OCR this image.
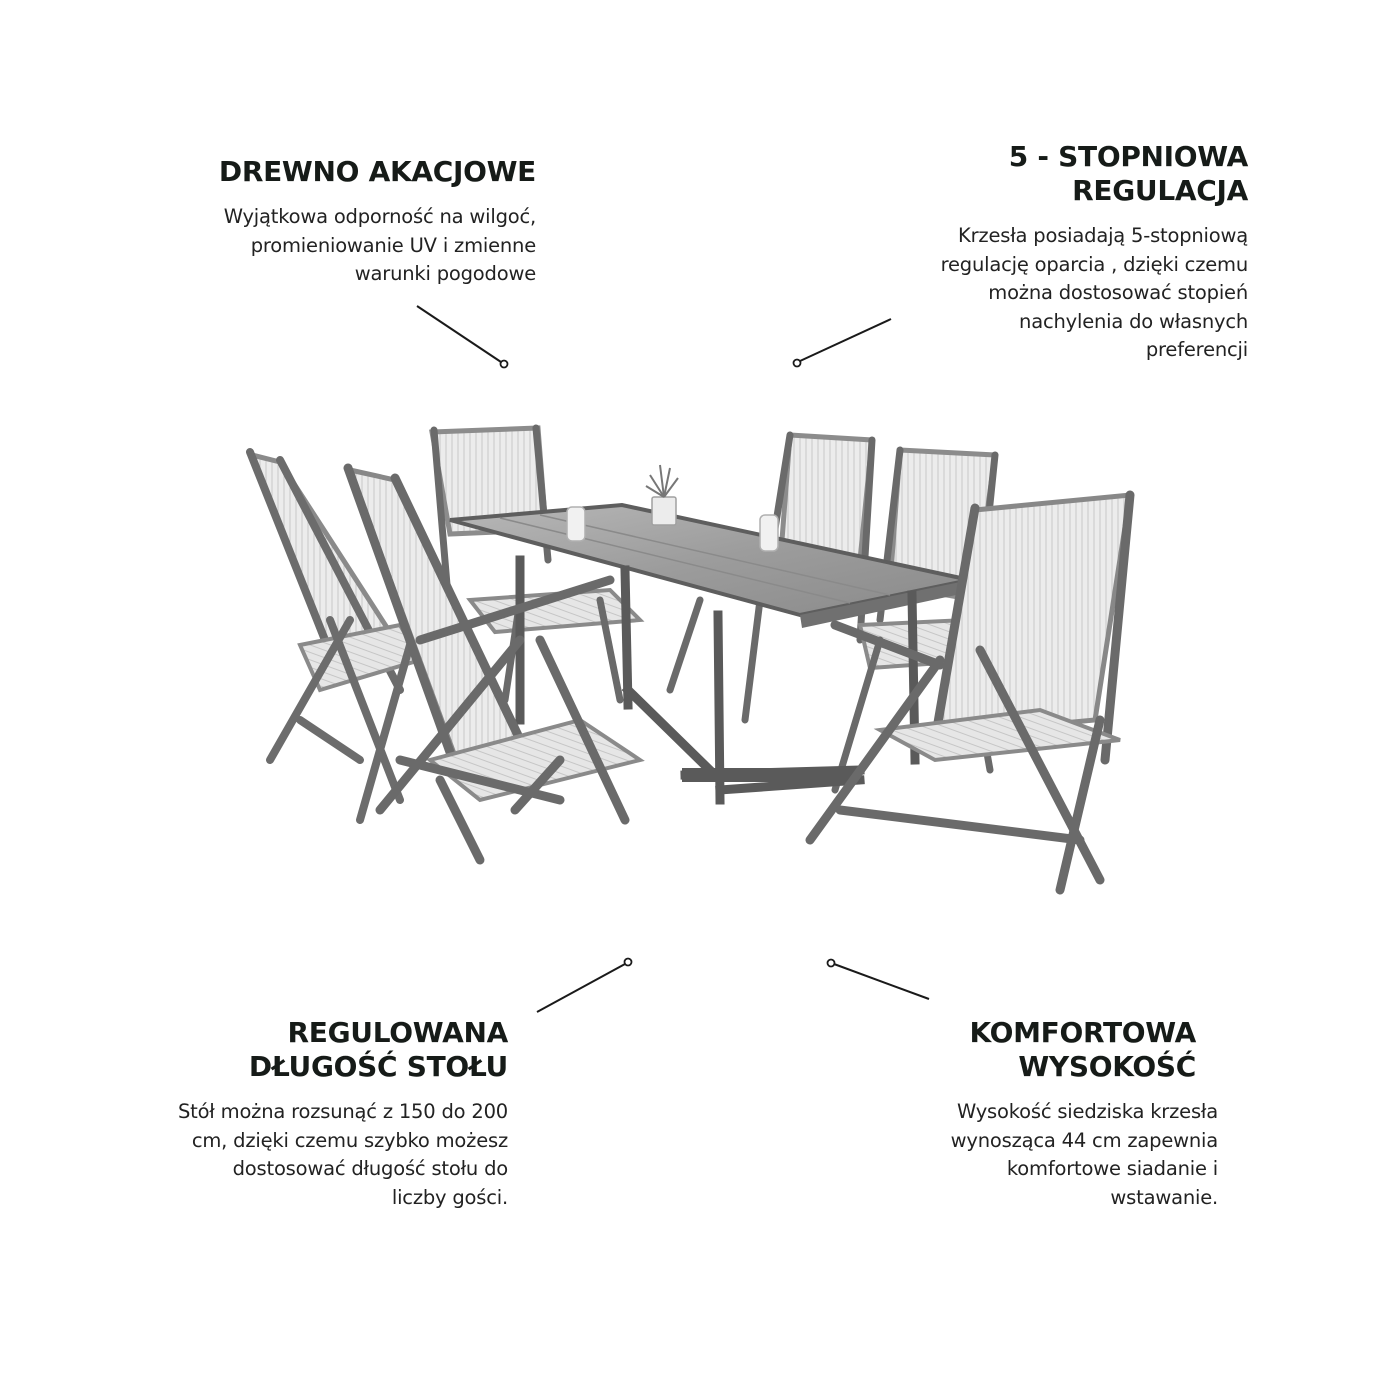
DREWNO AKACJOWE
Wyjątkowa odporność na wilgoć,
promieniowanie UV i zmienne
warunki pogodowe
5 - STOPNIOWA
REGULACJA
Krzesła posiadają 5-stopniową
regulację oparcia , dzięki czemu
można dostosować stopień
nachylenia do własnych
preferencji
REGULOWANA
DŁUGOŚĆ STOŁU
Stół można rozsunąć z 150 do 200
cm, dzięki czemu szybko możesz
dostosować długość stołu do
liczby gości.
KOMFORTOWA
WYSOKOŚĆ
Wysokość siedziska krzesła
wynosząca 44 cm zapewnia
komfortowe siadanie i
wstawanie.
